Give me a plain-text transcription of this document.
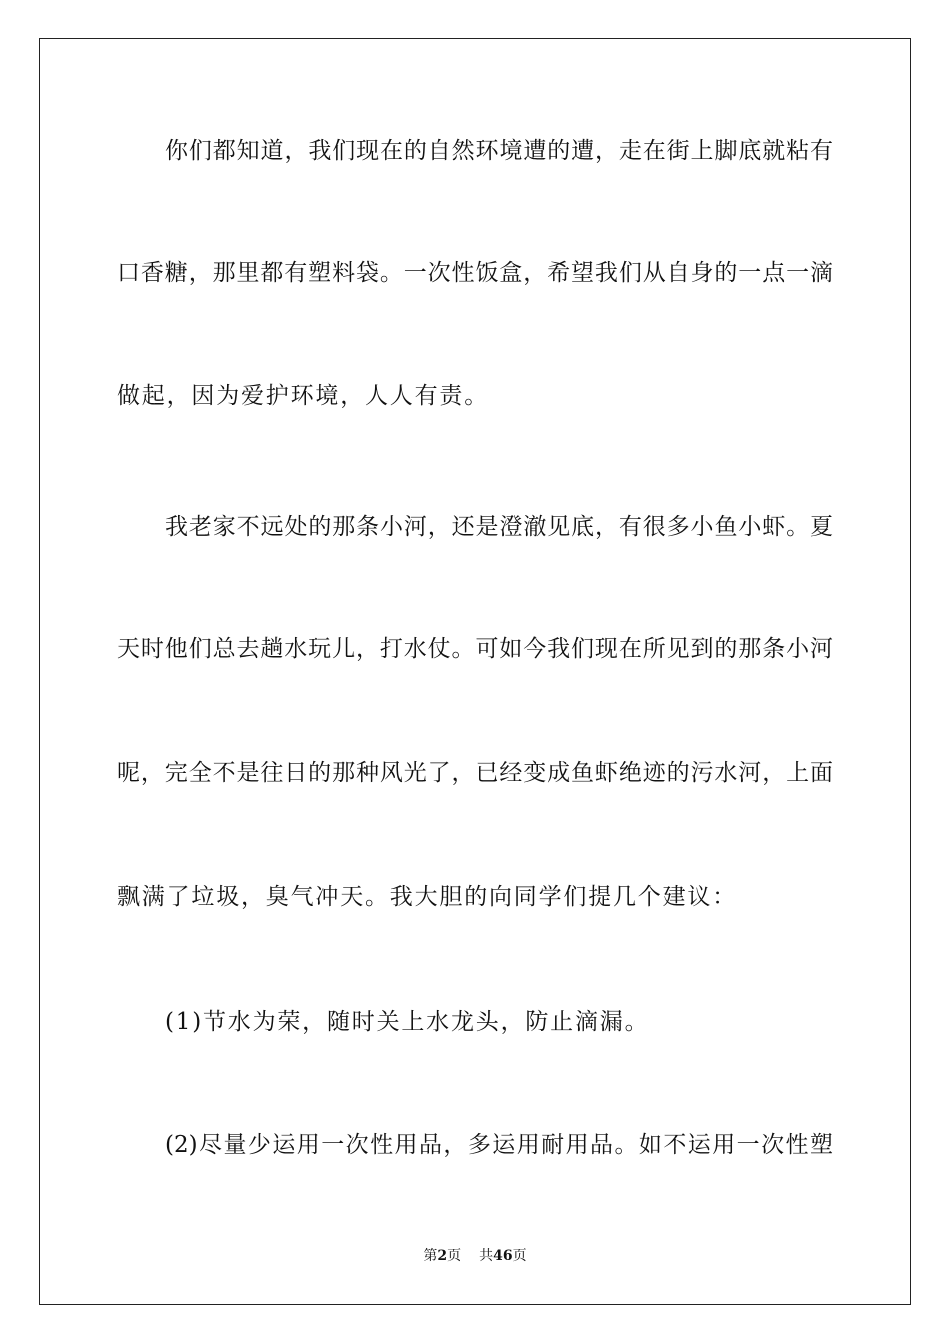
你们都知道，我们现在的自然环境遭的遭，走在街上脚底就粘有
口香糖，那里都有塑料袋。一次性饭盒，希望我们从自身的一点一滴
做起，因为爱护环境，人人有责。
我老家不远处的那条小河，还是澄澈见底，有很多小鱼小虾。夏
天时他们总去趟水玩儿，打水仗。可如今我们现在所见到的那条小河
呢，完全不是往日的那种风光了，已经变成鱼虾绝迹的污水河，上面
飘满了垃圾，臭气冲天。我大胆的向同学们提几个建议：
(1)节水为荣，随时关上水龙头，防止滴漏。
(2)尽量少运用一次性用品，多运用耐用品。如不运用一次性塑
第2页 共46页
